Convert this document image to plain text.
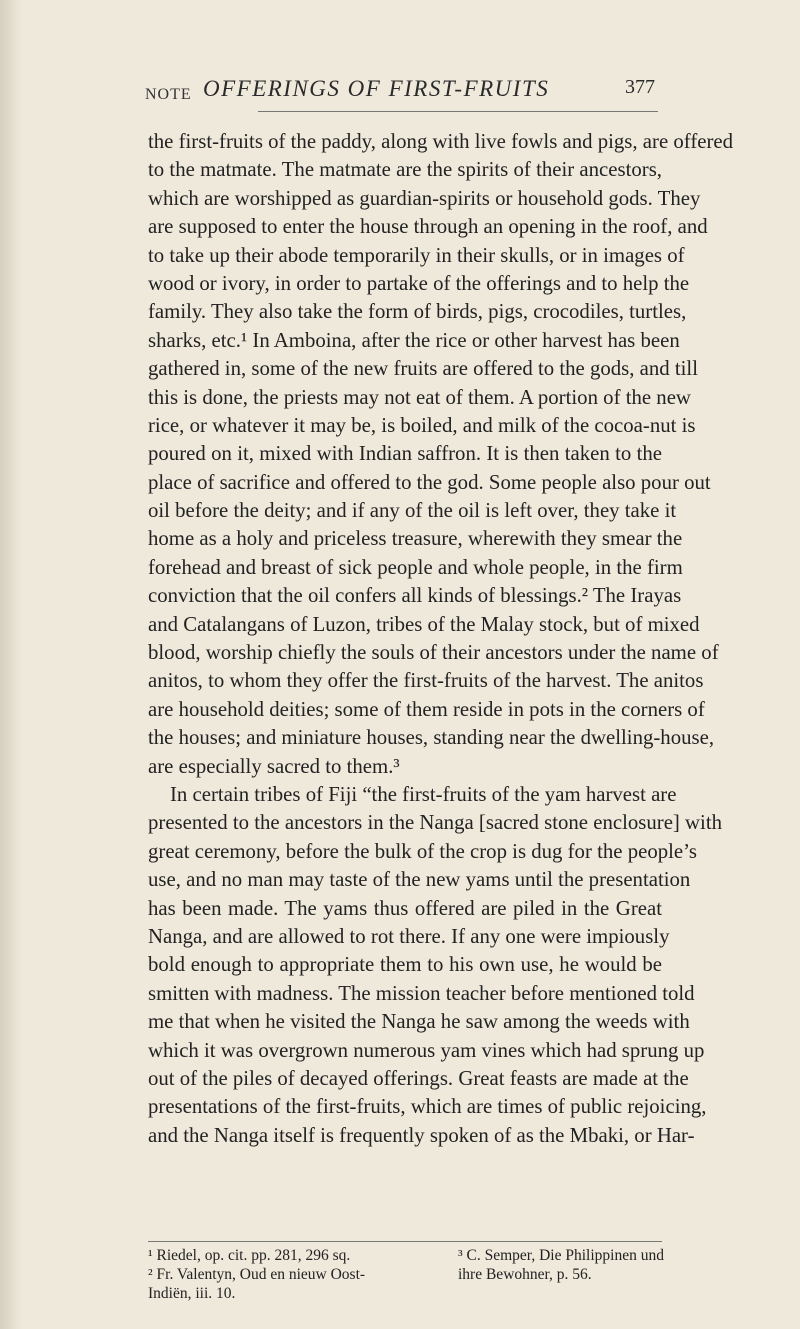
NOTE OFFERINGS OF FIRST-FRUITS	377
the first-fruits of the paddy, along with live fowls and pigs, are offered
to the matmate. The matmate are the spirits of their ancestors,
which are worshipped as guardian-spirits or household gods. They
are supposed to enter the house through an opening in the roof, and
to take up their abode temporarily in their skulls, or in images of
wood or ivory, in order to partake of the offerings and to help the
family. They also take the form of birds, pigs, crocodiles, turtles,
sharks, etc.¹ In Amboina, after the rice or other harvest has been
gathered in, some of the new fruits are offered to the gods, and till
this is done, the priests may not eat of them. A portion of the new
rice, or whatever it may be, is boiled, and milk of the cocoa-nut is
poured on it, mixed with Indian saffron. It is then taken to the
place of sacrifice and offered to the god. Some people also pour out
oil before the deity; and if any of the oil is left over, they take it
home as a holy and priceless treasure, wherewith they smear the
forehead and breast of sick people and whole people, in the firm
conviction that the oil confers all kinds of blessings.² The Irayas
and Catalangans of Luzon, tribes of the Malay stock, but of mixed
blood, worship chiefly the souls of their ancestors under the name of
anitos, to whom they offer the first-fruits of the harvest. The anitos
are household deities; some of them reside in pots in the corners of
the houses; and miniature houses, standing near the dwelling-house,
are especially sacred to them.³
In certain tribes of Fiji “the first-fruits of the yam harvest are
presented to the ancestors in the Nanga [sacred stone enclosure] with
great ceremony, before the bulk of the crop is dug for the people’s
use, and no man may taste of the new yams until the presentation
has been made. The yams thus offered are piled in the Great
Nanga, and are allowed to rot there. If any one were impiously
bold enough to appropriate them to his own use, he would be
smitten with madness. The mission teacher before mentioned told
me that when he visited the Nanga he saw among the weeds with
which it was overgrown numerous yam vines which had sprung up
out of the piles of decayed offerings. Great feasts are made at the
presentations of the first-fruits, which are times of public rejoicing,
and the Nanga itself is frequently spoken of as the Mbaki, or Har-
¹ Riedel, op. cit. pp. 281, 296 sq.
² Fr. Valentyn, Oud en nieuw Oost-
Indiën, iii. 10.
³ C. Semper, Die Philippinen und
ihre Bewohner, p. 56.
